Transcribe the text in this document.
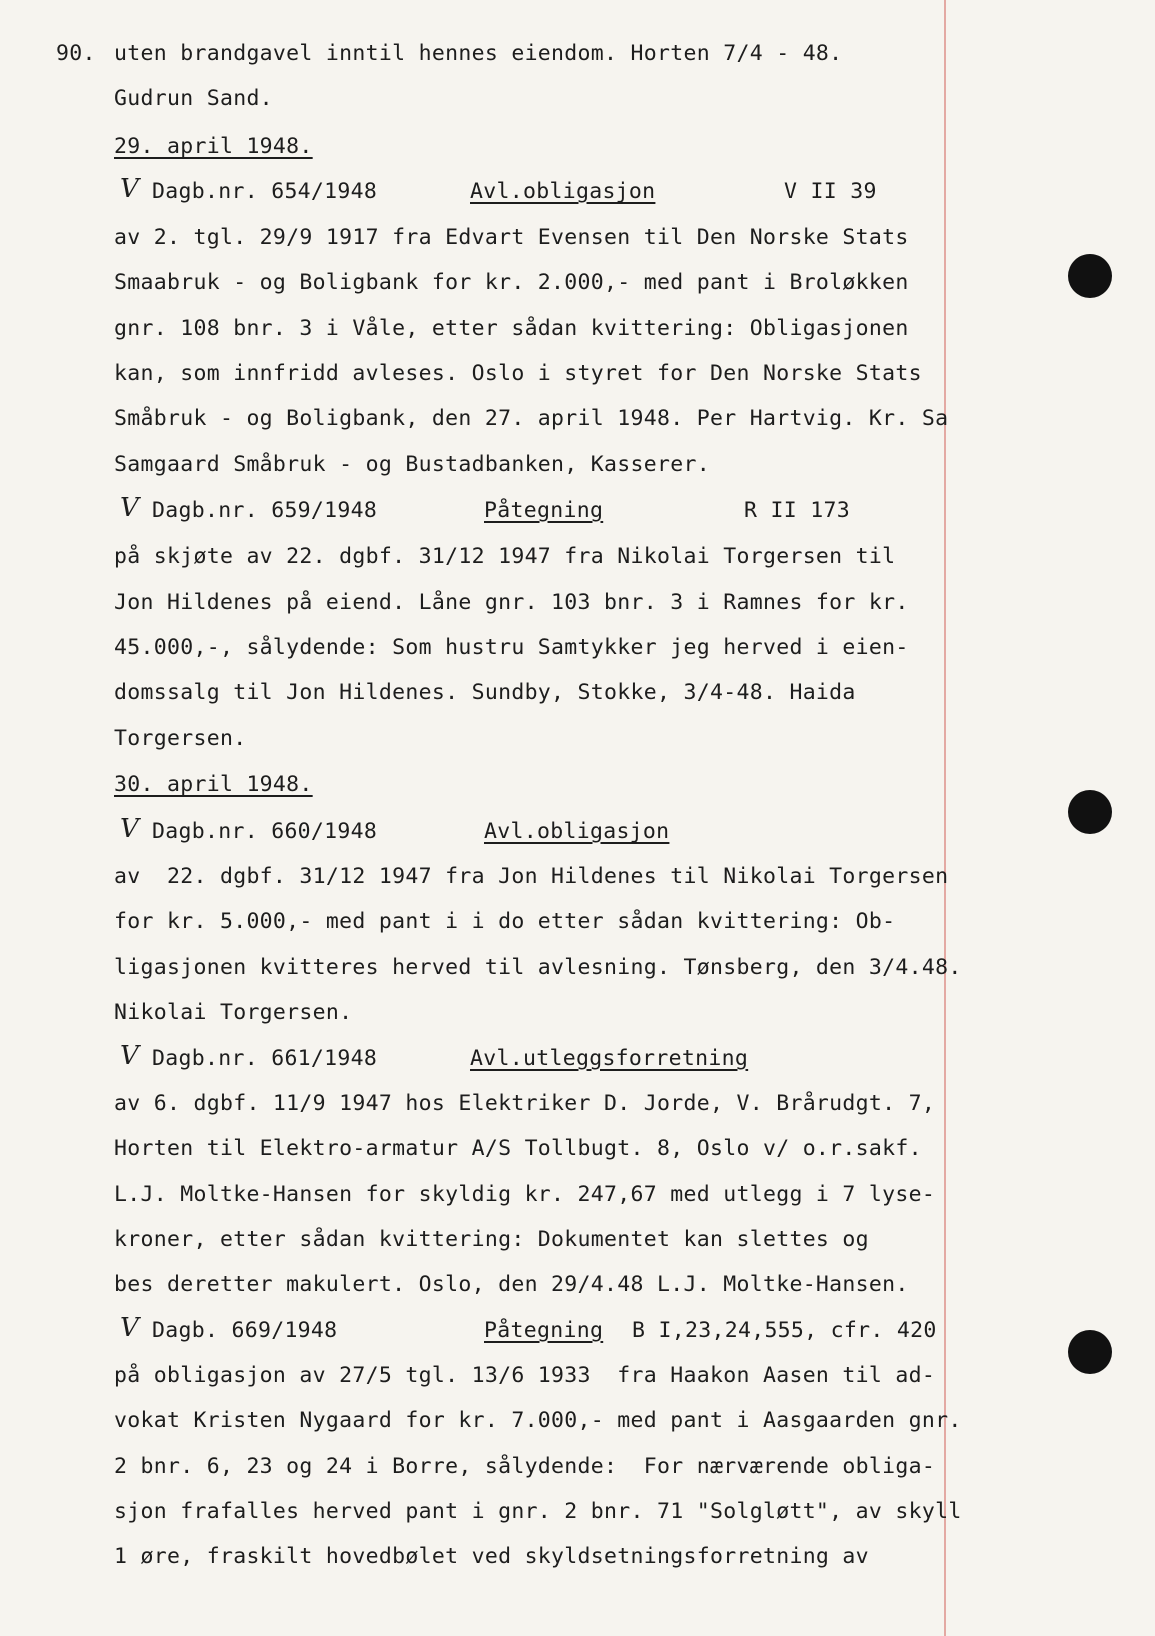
90. uten brandgavel inntil hennes eiendom. Horten 7/4 - 48.
Gudrun Sand.
29. april 1948.
V Dagb.nr. 654/1948	Avl.obligasjon	V II 39
av 2. tgl. 29/9 1917 fra Edvart Evensen til Den Norske Stats
Smaabruk - og Boligbank for kr. 2.000,- med pant i Broløkken
gnr. 108 bnr. 3 i Våle, etter sådan kvittering: Obligasjonen
kan, som innfridd avleses. Oslo i styret for Den Norske Stats
Småbruk - og Boligbank, den 27. april 1948. Per Hartvig. Kr. Sa
Samgaard Småbruk - og Bustadbanken, Kasserer.
V Dagb.nr. 659/1948	Påtegning	R II 173
på skjøte av 22. dgbf. 31/12 1947 fra Nikolai Torgersen til
Jon Hildenes på eiend. Låne gnr. 103 bnr. 3 i Ramnes for kr.
45.000,-, sålydende: Som hustru Samtykker jeg herved i eien-
domssalg til Jon Hildenes. Sundby, Stokke, 3/4-48. Haida
Torgersen.
30. april 1948.
V Dagb.nr. 660/1948	Avl.obligasjon
av  22. dgbf. 31/12 1947 fra Jon Hildenes til Nikolai Torgersen
for kr. 5.000,- med pant i i do etter sådan kvittering: Ob-
ligasjonen kvitteres herved til avlesning. Tønsberg, den 3/4.48.
Nikolai Torgersen.
V Dagb.nr. 661/1948	Avl.utleggsforretning
av 6. dgbf. 11/9 1947 hos Elektriker D. Jorde, V. Brårudgt. 7,
Horten til Elektro-armatur A/S Tollbugt. 8, Oslo v/ o.r.sakf.
L.J. Moltke-Hansen for skyldig kr. 247,67 med utlegg i 7 lyse-
kroner, etter sådan kvittering: Dokumentet kan slettes og
bes deretter makulert. Oslo, den 29/4.48 L.J. Moltke-Hansen.
V Dagb. 669/1948	Påtegning B I,23,24,555, cfr. 420
på obligasjon av 27/5 tgl. 13/6 1933  fra Haakon Aasen til ad-
vokat Kristen Nygaard for kr. 7.000,- med pant i Aasgaarden gnr.
2 bnr. 6, 23 og 24 i Borre, sålydende:  For nærværende obliga-
sjon frafalles herved pant i gnr. 2 bnr. 71 "Solgløtt", av skyll
1 øre, fraskilt hovedbølet ved skyldsetningsforretning av
